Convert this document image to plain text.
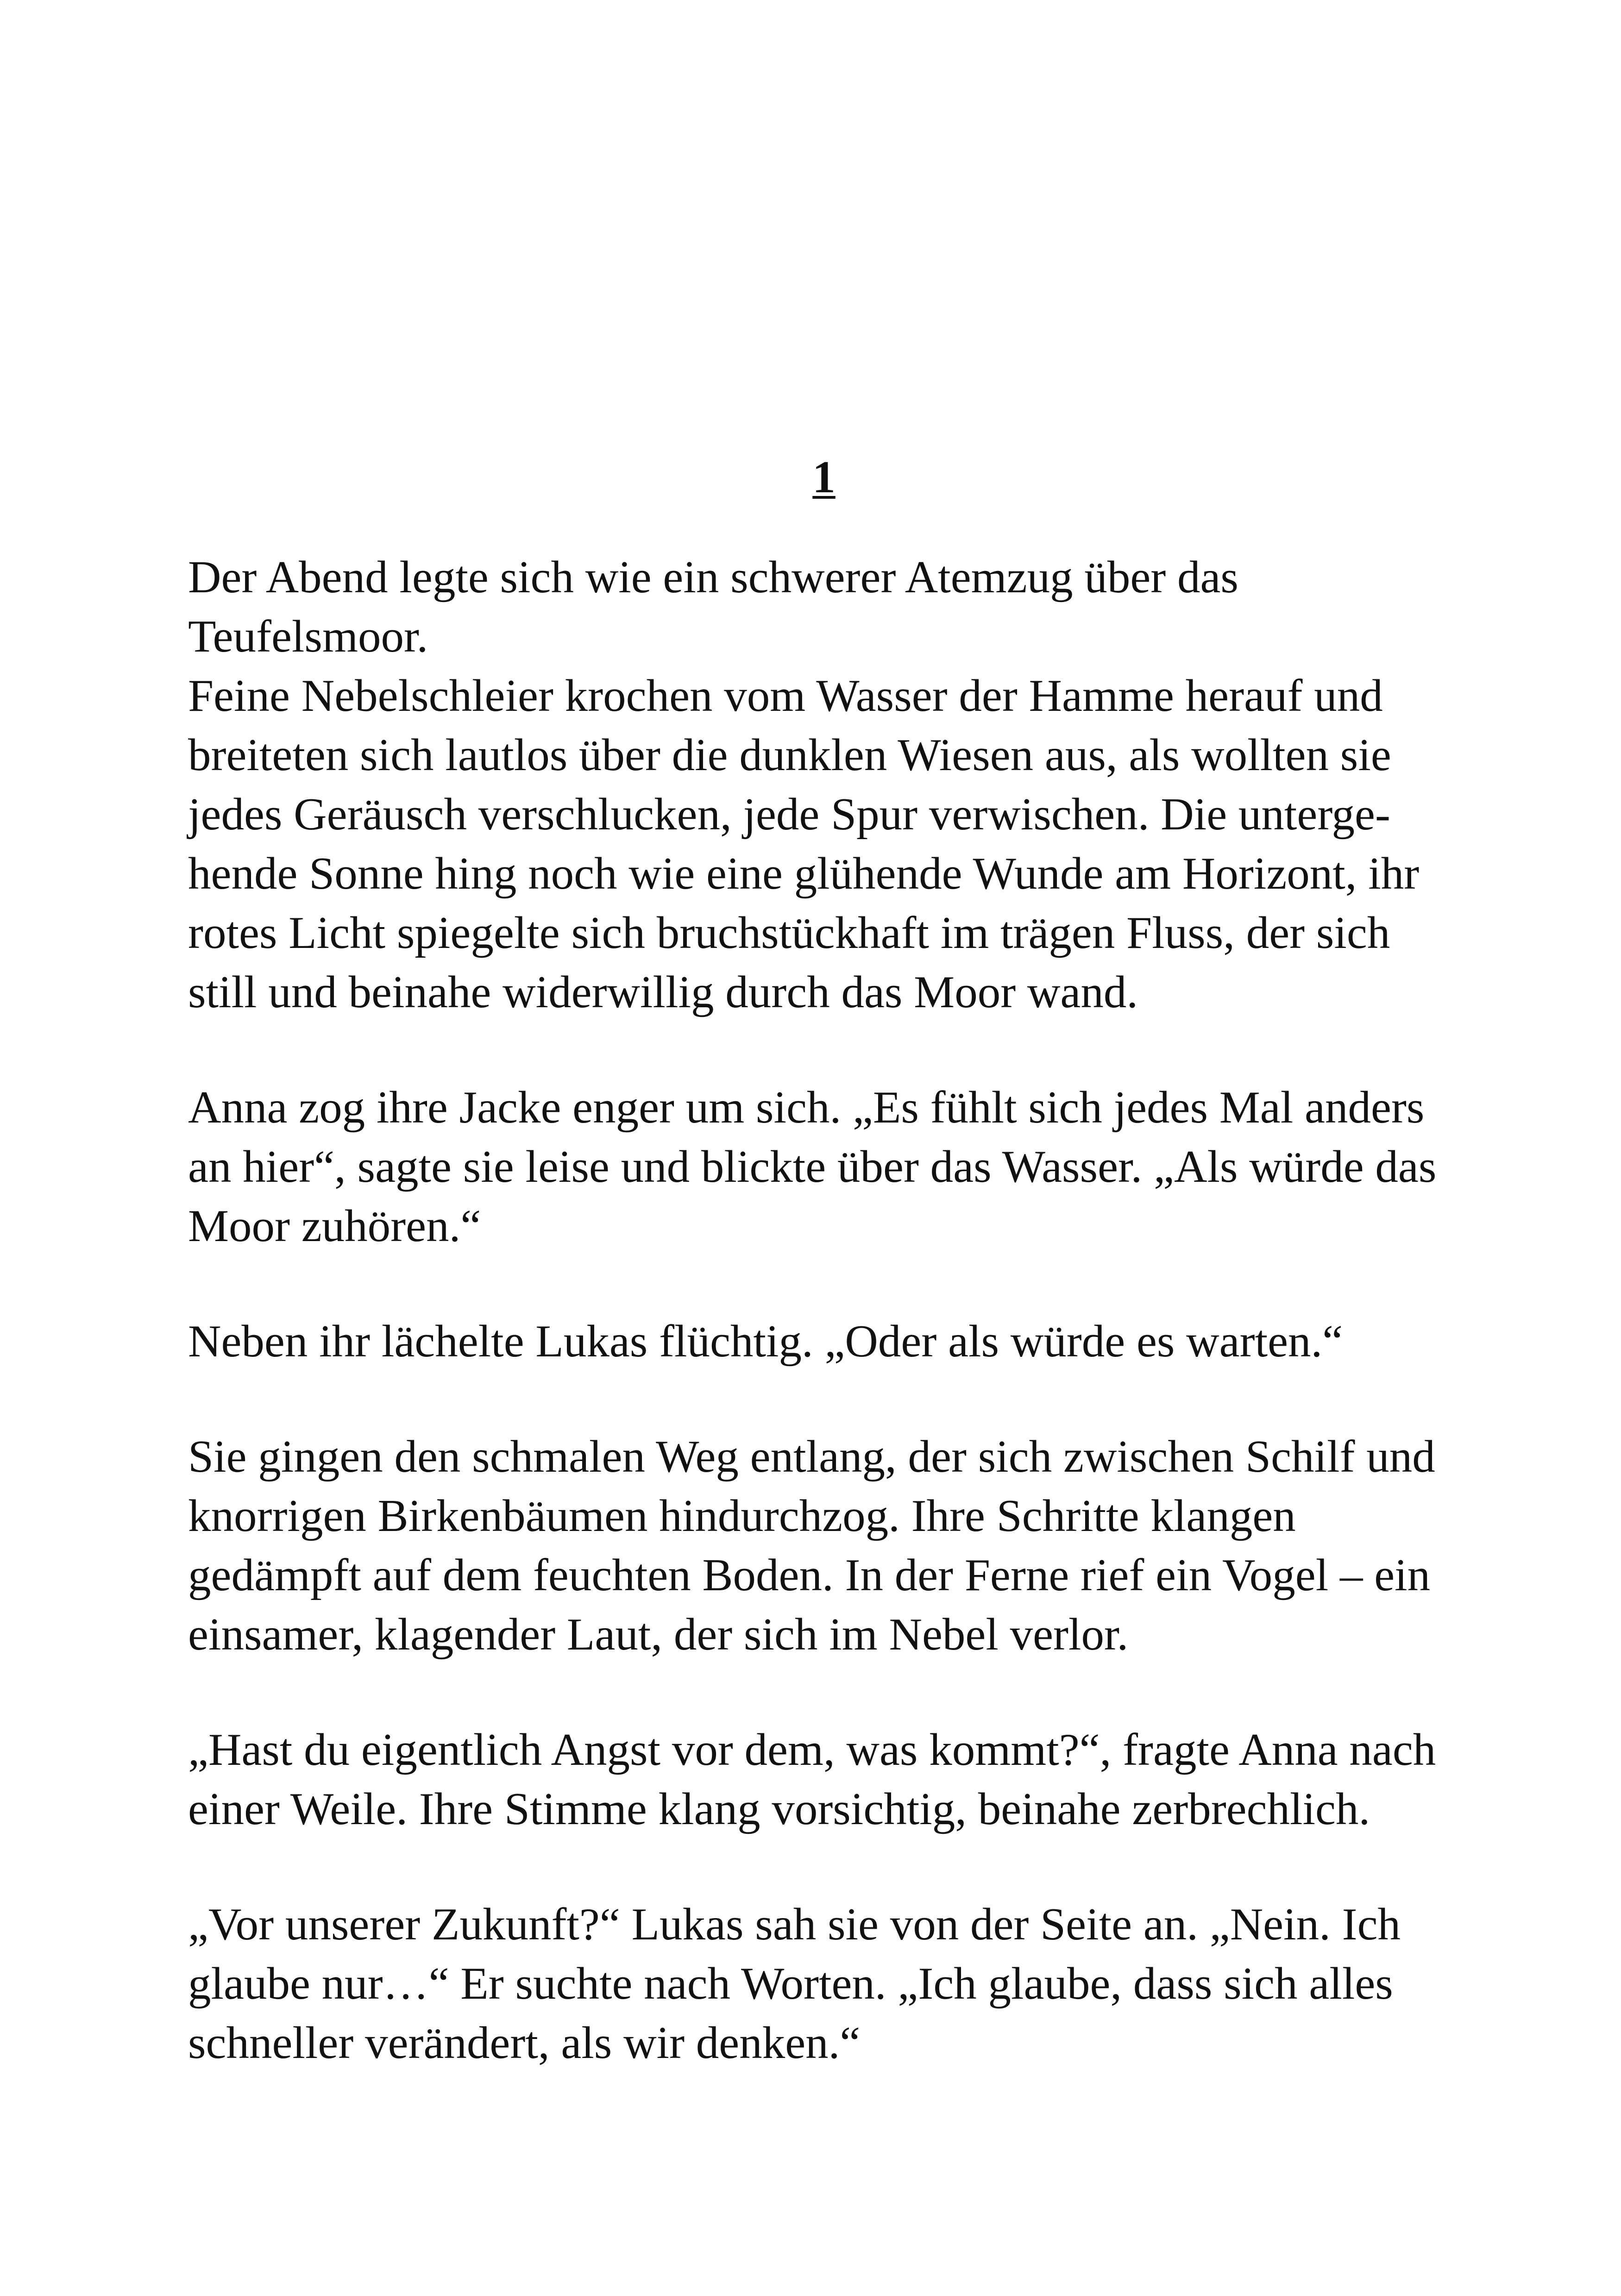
1
Der Abend legte sich wie ein schwerer Atemzug über das
Teufelsmoor.
Feine Nebelschleier krochen vom Wasser der Hamme herauf und
breiteten sich lautlos über die dunklen Wiesen aus, als wollten sie
jedes Geräusch verschlucken, jede Spur verwischen. Die unterge-
hende Sonne hing noch wie eine glühende Wunde am Horizont, ihr
rotes Licht spiegelte sich bruchstückhaft im trägen Fluss, der sich
still und beinahe widerwillig durch das Moor wand.
Anna zog ihre Jacke enger um sich. „Es fühlt sich jedes Mal anders
an hier“, sagte sie leise und blickte über das Wasser. „Als würde das
Moor zuhören.“
Neben ihr lächelte Lukas flüchtig. „Oder als würde es warten.“
Sie gingen den schmalen Weg entlang, der sich zwischen Schilf und
knorrigen Birkenbäumen hindurchzog. Ihre Schritte klangen
gedämpft auf dem feuchten Boden. In der Ferne rief ein Vogel – ein
einsamer, klagender Laut, der sich im Nebel verlor.
„Hast du eigentlich Angst vor dem, was kommt?“, fragte Anna nach
einer Weile. Ihre Stimme klang vorsichtig, beinahe zerbrechlich.
„Vor unserer Zukunft?“ Lukas sah sie von der Seite an. „Nein. Ich
glaube nur…“ Er suchte nach Worten. „Ich glaube, dass sich alles
schneller verändert, als wir denken.“
